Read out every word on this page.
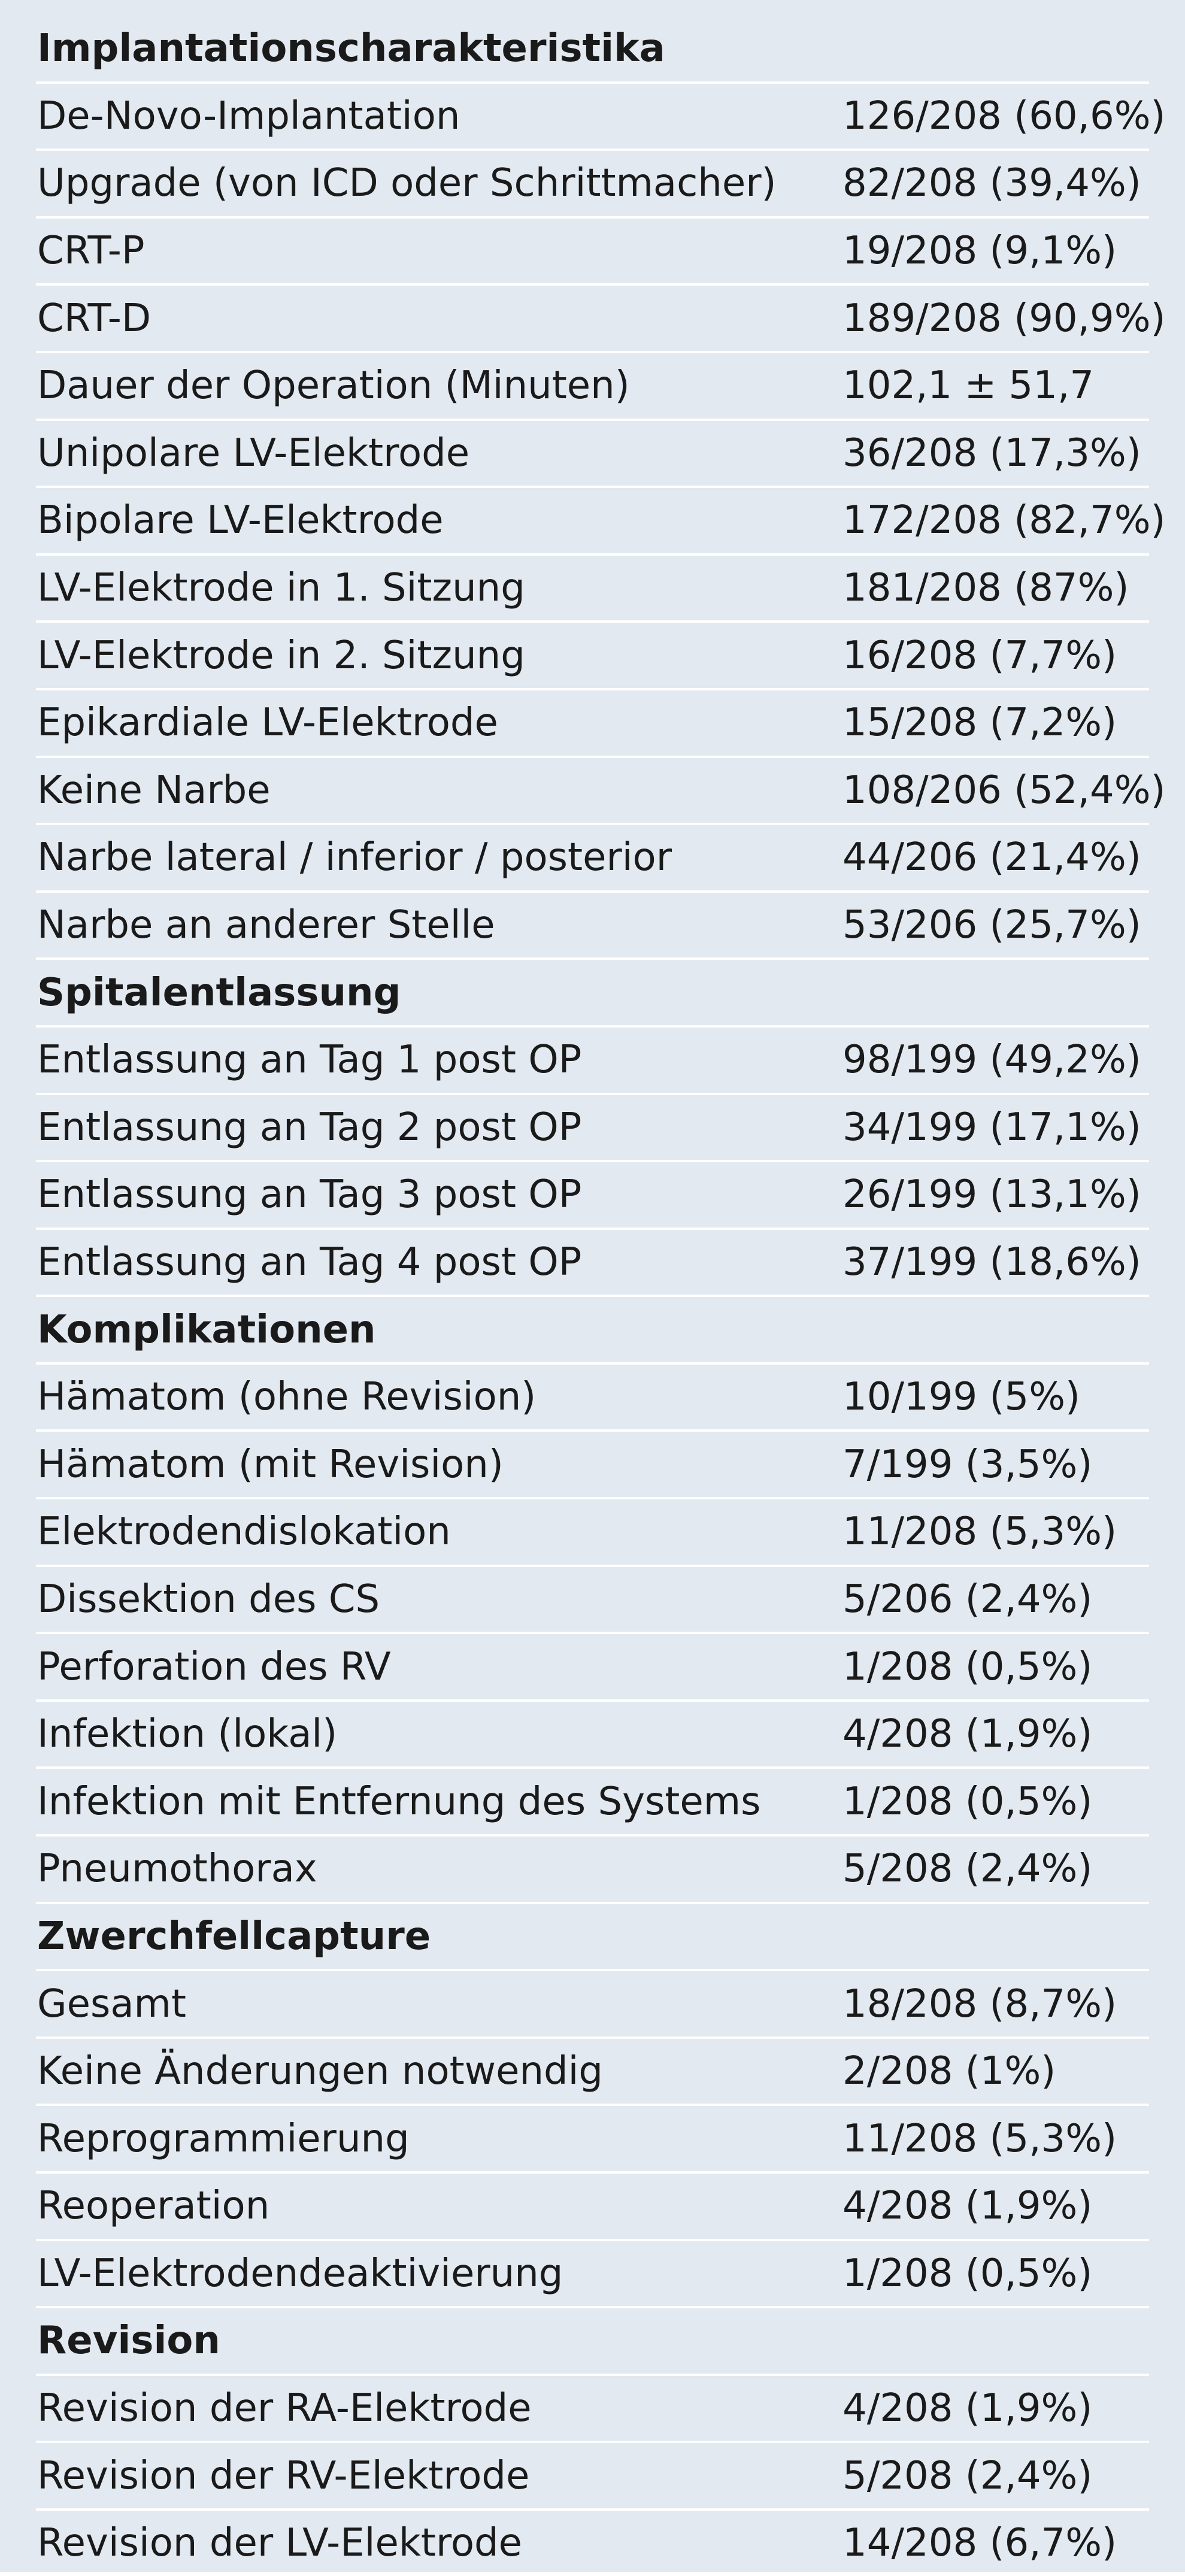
Implantationscharakteristika	
De-Novo-Implantation	126/208 (60,6%)
Upgrade (von ICD oder Schrittmacher)	82/208 (39,4%)
CRT-P	19/208 (9,1%)
CRT-D	189/208 (90,9%)
Dauer der Operation (Minuten)	102,1 ± 51,7
Unipolare LV-Elektrode	36/208 (17,3%)
Bipolare LV-Elektrode	172/208 (82,7%)
LV-Elektrode in 1. Sitzung	181/208 (87%)
LV-Elektrode in 2. Sitzung	16/208 (7,7%)
Epikardiale LV-Elektrode	15/208 (7,2%)
Keine Narbe	108/206 (52,4%)
Narbe lateral / inferior / posterior	44/206 (21,4%)
Narbe an anderer Stelle	53/206 (25,7%)
Spitalentlassung	
Entlassung an Tag 1 post OP	98/199 (49,2%)
Entlassung an Tag 2 post OP	34/199 (17,1%)
Entlassung an Tag 3 post OP	26/199 (13,1%)
Entlassung an Tag 4 post OP	37/199 (18,6%)
Komplikationen	
Hämatom (ohne Revision)	10/199 (5%)
Hämatom (mit Revision)	7/199 (3,5%)
Elektrodendislokation	11/208 (5,3%)
Dissektion des CS	5/206 (2,4%)
Perforation des RV	1/208 (0,5%)
Infektion (lokal)	4/208 (1,9%)
Infektion mit Entfernung des Systems	1/208 (0,5%)
Pneumothorax	5/208 (2,4%)
Zwerchfellcapture	
Gesamt	18/208 (8,7%)
Keine Änderungen notwendig	2/208 (1%)
Reprogrammierung	11/208 (5,3%)
Reoperation	4/208 (1,9%)
LV-Elektrodendeaktivierung	1/208 (0,5%)
Revision	
Revision der RA-Elektrode	4/208 (1,9%)
Revision der RV-Elektrode	5/208 (2,4%)
Revision der LV-Elektrode	14/208 (6,7%)
